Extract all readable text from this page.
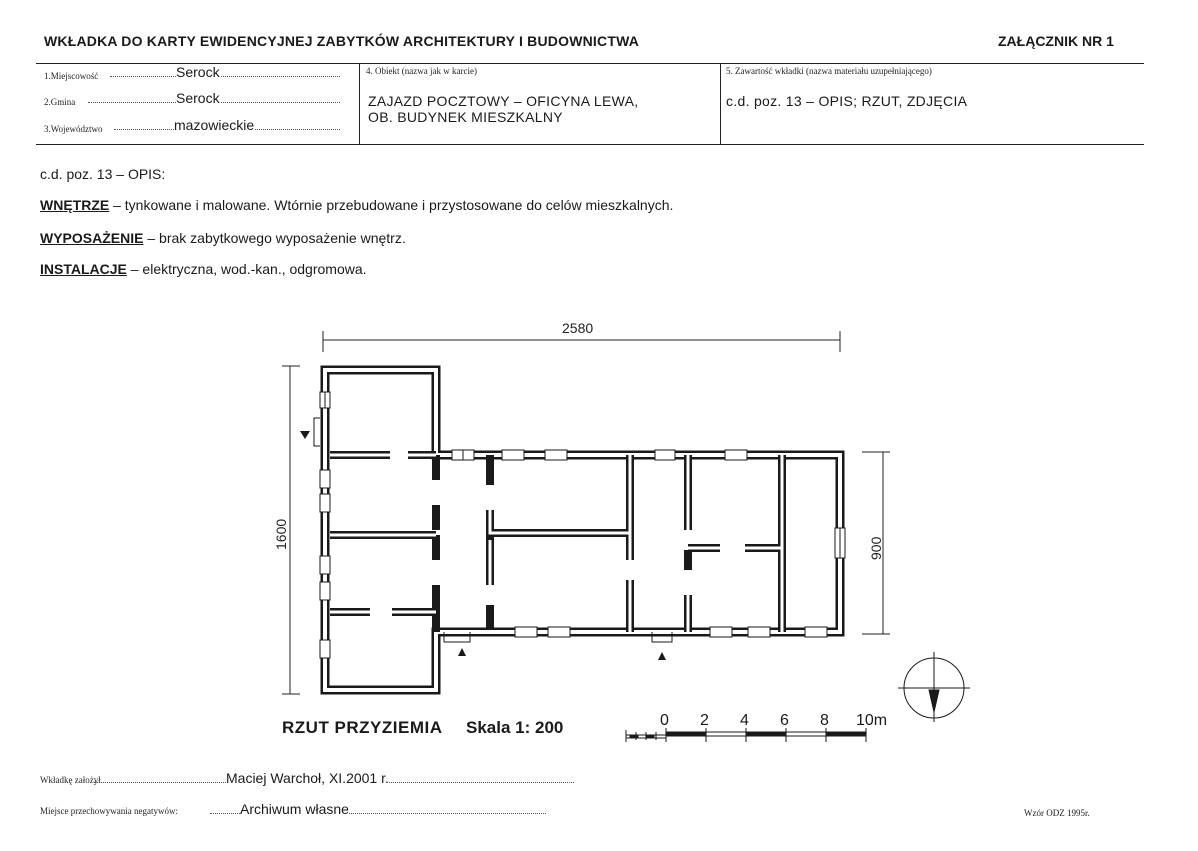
WKŁADKA DO KARTY EWIDENCYJNEJ ZABYTKÓW ARCHITEKTURY I BUDOWNICTWA	ZAŁĄCZNIK NR 1
1.Miejscowość	Serock
2.Gmina	Serock
3.Województwo	mazowieckie
4. Obiekt (nazwa jak w karcie)
ZAJAZD POCZTOWY – OFICYNA LEWA,
OB. BUDYNEK MIESZKALNY
5. Zawartość wkładki (nazwa materiału uzupełniającego)
c.d. poz. 13 – OPIS; RZUT, ZDJĘCIA
c.d. poz. 13 – OPIS:
WNĘTRZE – tynkowane i malowane. Wtórnie przebudowane i przystosowane do celów mieszkalnych.
WYPOSAŻENIE – brak zabytkowego wyposażenie wnętrz.
INSTALACJE – elektryczna, wod.-kan., odgromowa.
2580
1600	900
0 2 4 6 8 10m
RZUT PRZYZIEMIA Skala 1: 200
Wkładkę założył	Maciej Warchoł, XI.2001 r.
Miejsce przechowywania negatywów:	Archiwum własne	Wzór ODZ 1995r.
